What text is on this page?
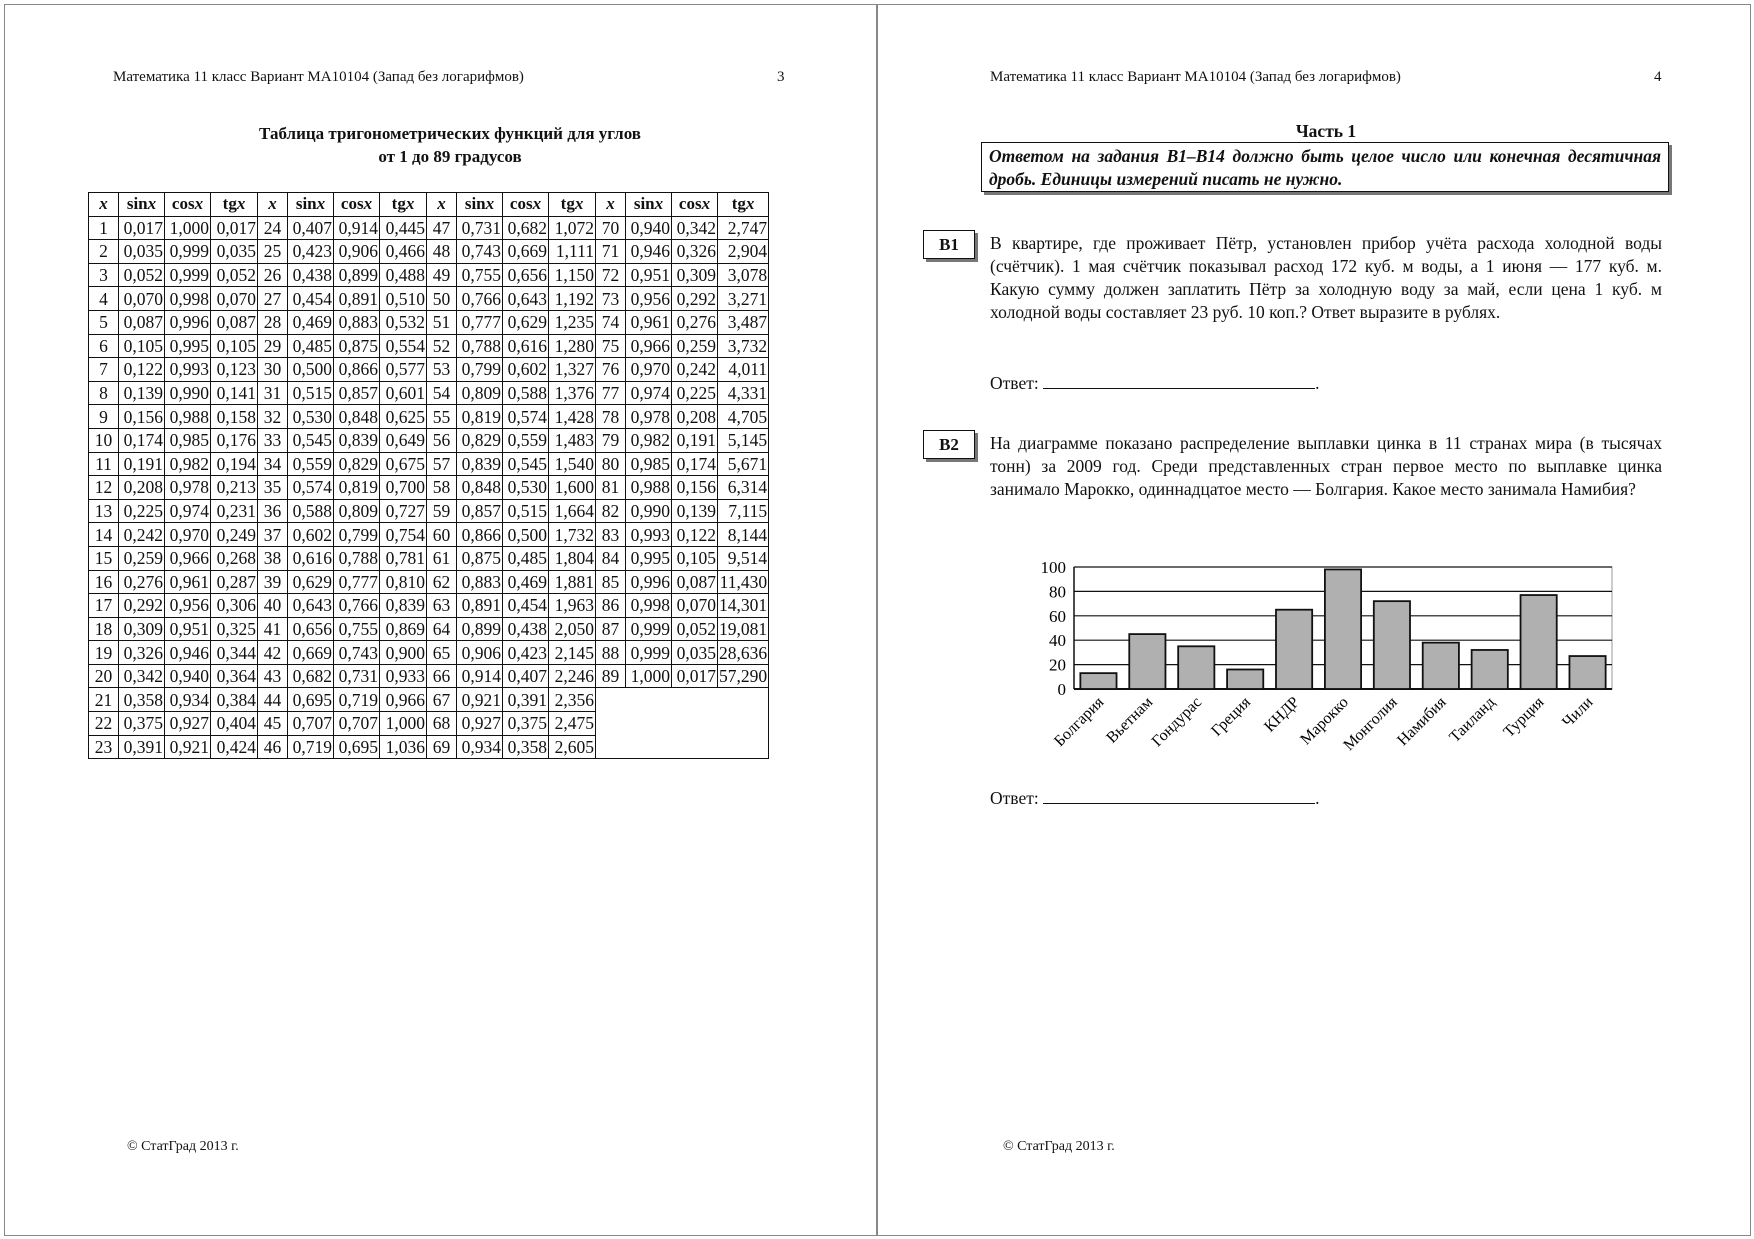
Математика 11 класс Вариант МА10104 (Запад без логарифмов)	3
Таблица тригонометрических функций для углов
от 1 до 89 градусов
x	sinx	cosx	tgx	x	sinx	cosx	tgx	x	sinx	cosx	tgx	x	sinx	cosx	tgx
1	0,017	1,000	0,017	24	0,407	0,914	0,445	47	0,731	0,682	1,072	70	0,940	0,342	2,747
2	0,035	0,999	0,035	25	0,423	0,906	0,466	48	0,743	0,669	1,111	71	0,946	0,326	2,904
3	0,052	0,999	0,052	26	0,438	0,899	0,488	49	0,755	0,656	1,150	72	0,951	0,309	3,078
4	0,070	0,998	0,070	27	0,454	0,891	0,510	50	0,766	0,643	1,192	73	0,956	0,292	3,271
5	0,087	0,996	0,087	28	0,469	0,883	0,532	51	0,777	0,629	1,235	74	0,961	0,276	3,487
6	0,105	0,995	0,105	29	0,485	0,875	0,554	52	0,788	0,616	1,280	75	0,966	0,259	3,732
7	0,122	0,993	0,123	30	0,500	0,866	0,577	53	0,799	0,602	1,327	76	0,970	0,242	4,011
8	0,139	0,990	0,141	31	0,515	0,857	0,601	54	0,809	0,588	1,376	77	0,974	0,225	4,331
9	0,156	0,988	0,158	32	0,530	0,848	0,625	55	0,819	0,574	1,428	78	0,978	0,208	4,705
10	0,174	0,985	0,176	33	0,545	0,839	0,649	56	0,829	0,559	1,483	79	0,982	0,191	5,145
11	0,191	0,982	0,194	34	0,559	0,829	0,675	57	0,839	0,545	1,540	80	0,985	0,174	5,671
12	0,208	0,978	0,213	35	0,574	0,819	0,700	58	0,848	0,530	1,600	81	0,988	0,156	6,314
13	0,225	0,974	0,231	36	0,588	0,809	0,727	59	0,857	0,515	1,664	82	0,990	0,139	7,115
14	0,242	0,970	0,249	37	0,602	0,799	0,754	60	0,866	0,500	1,732	83	0,993	0,122	8,144
15	0,259	0,966	0,268	38	0,616	0,788	0,781	61	0,875	0,485	1,804	84	0,995	0,105	9,514
16	0,276	0,961	0,287	39	0,629	0,777	0,810	62	0,883	0,469	1,881	85	0,996	0,087	11,430
17	0,292	0,956	0,306	40	0,643	0,766	0,839	63	0,891	0,454	1,963	86	0,998	0,070	14,301
18	0,309	0,951	0,325	41	0,656	0,755	0,869	64	0,899	0,438	2,050	87	0,999	0,052	19,081
19	0,326	0,946	0,344	42	0,669	0,743	0,900	65	0,906	0,423	2,145	88	0,999	0,035	28,636
20	0,342	0,940	0,364	43	0,682	0,731	0,933	66	0,914	0,407	2,246	89	1,000	0,017	57,290
21	0,358	0,934	0,384	44	0,695	0,719	0,966	67	0,921	0,391	2,356				
22	0,375	0,927	0,404	45	0,707	0,707	1,000	68	0,927	0,375	2,475				
23	0,391	0,921	0,424	46	0,719	0,695	1,036	69	0,934	0,358	2,605				
© СтатГрад 2013 г.
Математика 11 класс Вариант МА10104 (Запад без логарифмов)	4
Часть 1
Ответом на задания В1–В14 должно быть целое число или конечная десятичная дробь. Единицы измерений писать не нужно.
B1	В квартире, где проживает Пётр, установлен прибор учёта расхода холодной воды (счётчик). 1 мая счётчик показывал расход 172 куб. м воды, а 1 июня — 177 куб. м. Какую сумму должен заплатить Пётр за холодную воду за май, если цена 1 куб. м холодной воды составляет 23 руб. 10 коп.? Ответ выразите в рублях.
Ответ:	.
B2	На диаграмме показано распределение выплавки цинка в 11 странах мира (в тысячах тонн) за 2009 год. Среди представленных стран первое место по выплавке цинка занимало Марокко, одиннадцатое место — Болгария. Какое место занимала Намибия?
0
20
40
60
80
100
Болгария
Вьетнам
Гондурас Греция КНДР
Марокко
Монголия
Намибия
Таиланд Турция Чили
Ответ:	.
© СтатГрад 2013 г.
